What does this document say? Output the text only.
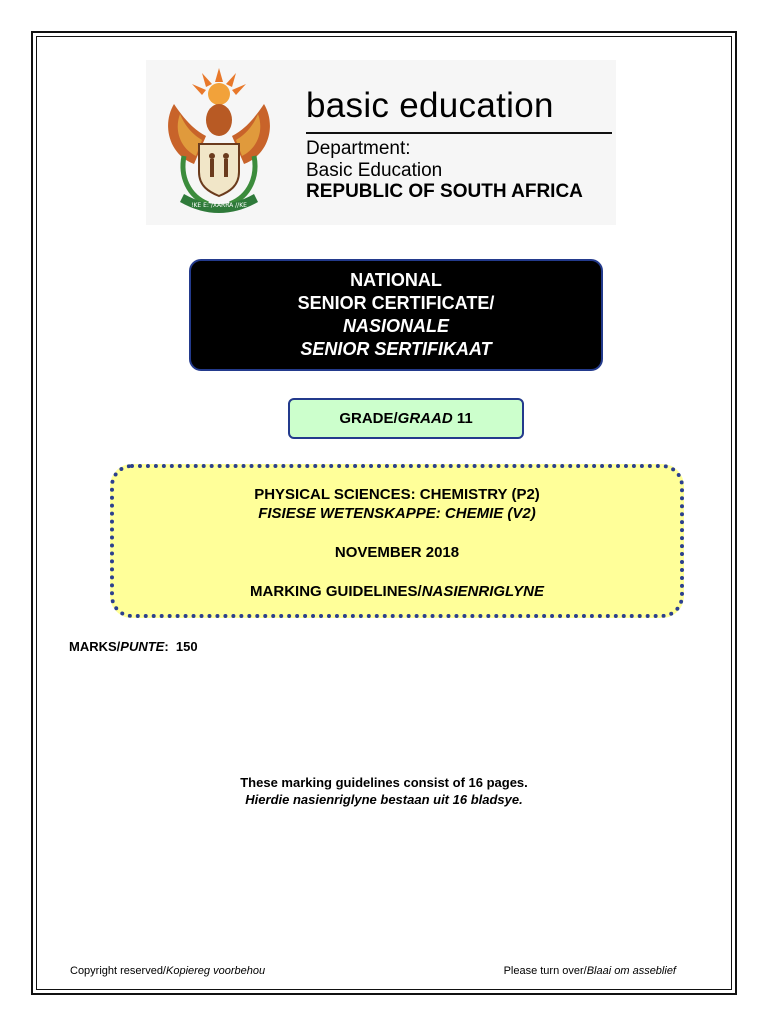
!KE E: /XARRA //KE
basic education
Department:
Basic Education
REPUBLIC OF SOUTH AFRICA
NATIONAL
SENIOR CERTIFICATE/
NASIONALE
SENIOR SERTIFIKAAT
GRADE/ GRAAD
11
PHYSICAL SCIENCES: CHEMISTRY (P2)
FISIESE WETENSKAPPE: CHEMIE (V2)
NOVEMBER 2018
MARKING GUIDELINES/NASIENRIGLYNE
MARKS/PUNTE:  150
These marking guidelines consist of 16 pages.
Hierdie nasienriglyne bestaan uit 16 bladsye.
Copyright reserved/Kopiereg voorbehou	Please turn over/Blaai om asseblief
